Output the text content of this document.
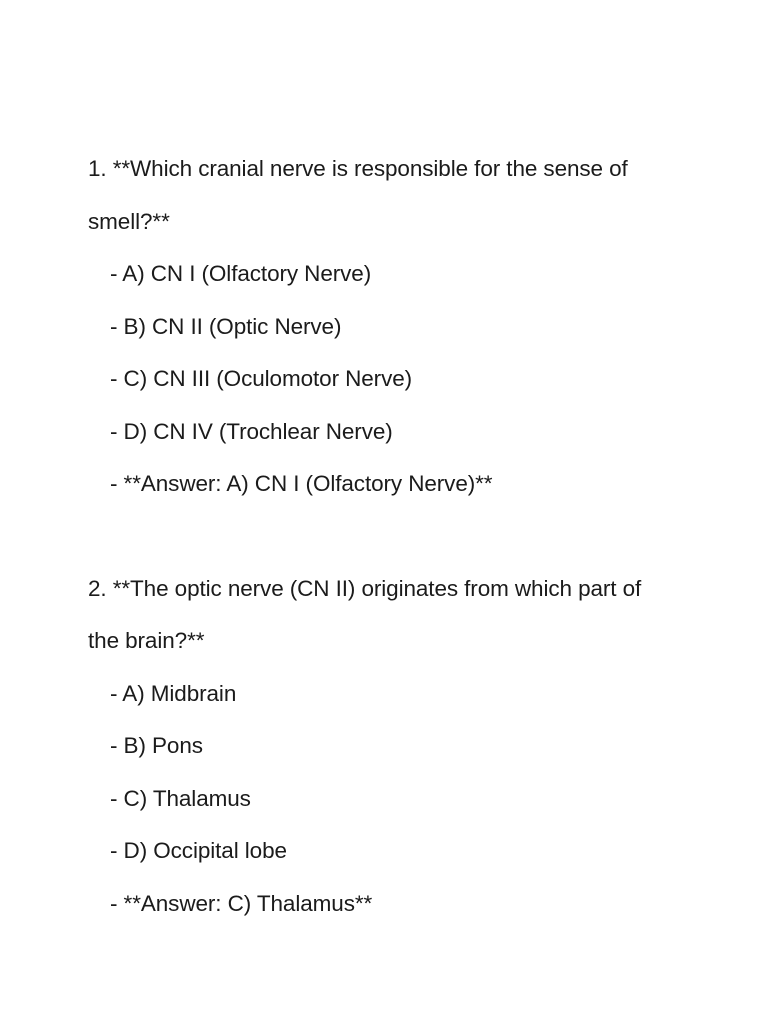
1. **Which cranial nerve is responsible for the sense of smell?**

- A) CN I (Olfactory Nerve)
- B) CN II (Optic Nerve)
- C) CN III (Oculomotor Nerve)
- D) CN IV (Trochlear Nerve)
- **Answer: A) CN I (Olfactory Nerve)**

2. **The optic nerve (CN II) originates from which part of the brain?**

- A) Midbrain
- B) Pons
- C) Thalamus
- D) Occipital lobe
- **Answer: C) Thalamus**
